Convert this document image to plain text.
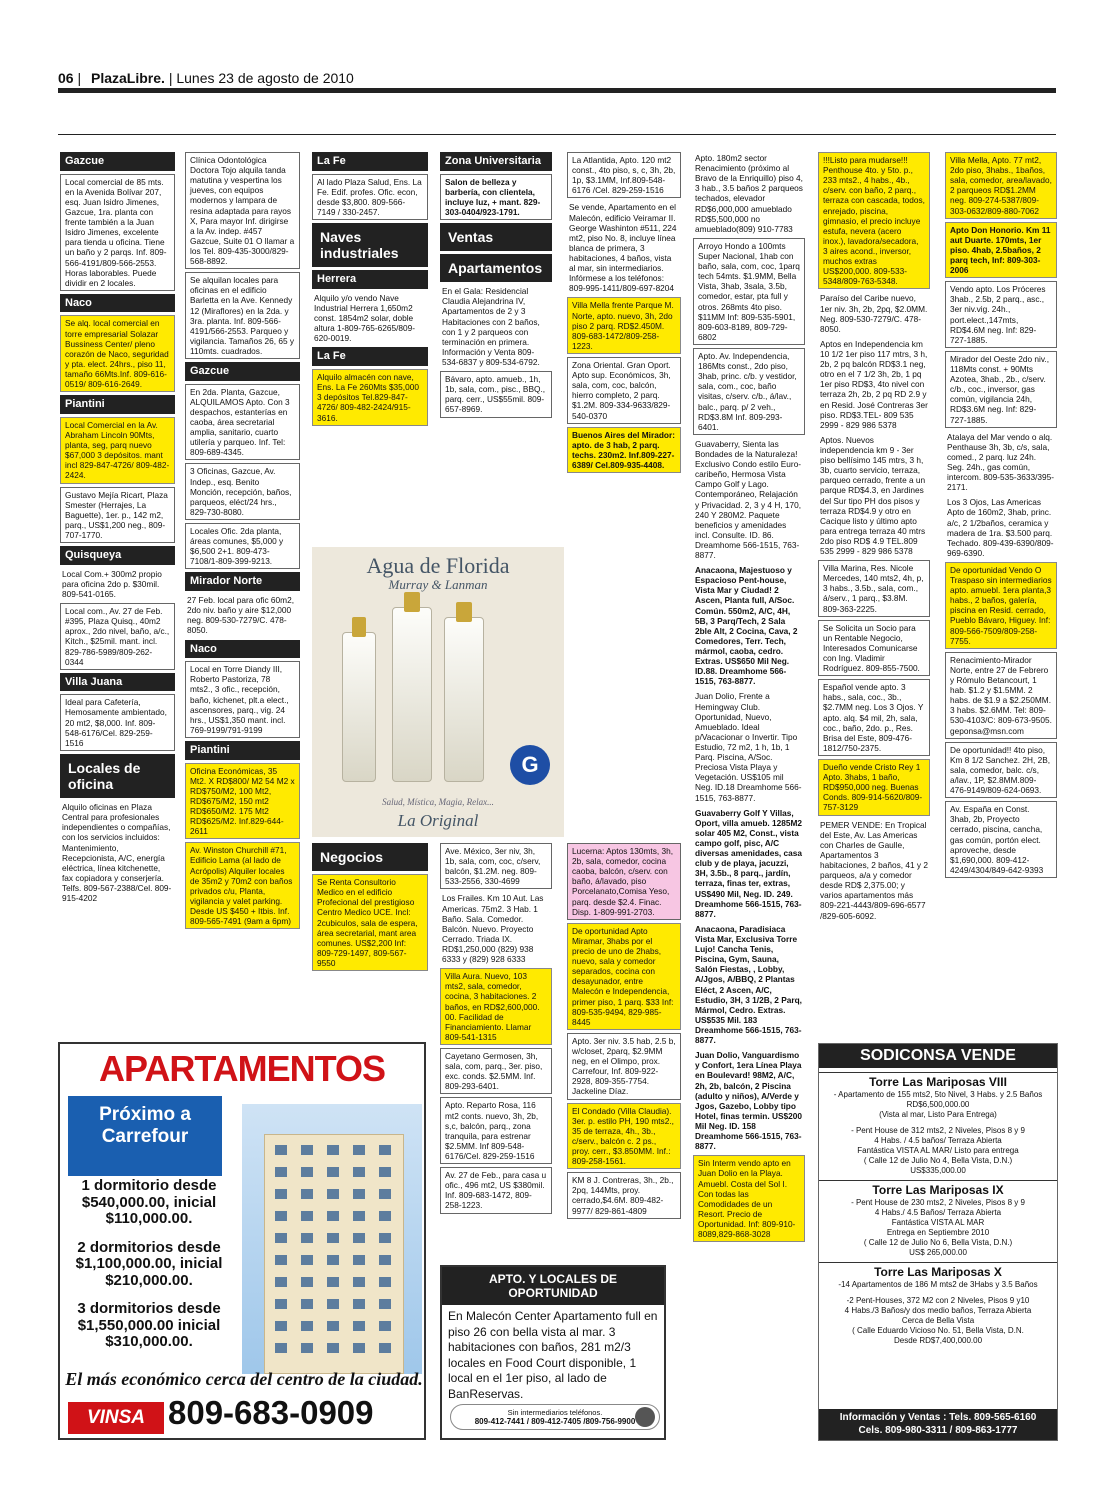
06 | PlazaLibre. | Lunes 23 de agosto de 2010
Gazcue
Local comercial de 85 mts. en la Avenida Bolívar 207, esq. Juan Isidro Jimenes, Gazcue, 1ra. planta con frente también a la Juan Isidro Jimenes, excelente para tienda u oficina. Tiene un baño y 2 parqs. Inf. 809-566-4191/809-566-2553. Horas laborables. Puede dividir en 2 locales.
Naco
Se alq. local comercial en torre empresarial Solazar Bussiness Center/ pleno corazón de Naco, seguridad y pta. elect. 24hrs., piso 11, tamaño 66Mts.Inf. 809-616-0519/ 809-616-2649.
Piantini
Local Comercial en la Av. Abraham Lincoln 90Mts, planta, seg, parq nuevo $67,000 3 depósitos. mant incl 829-847-4726/ 809-482-2424.
Gustavo Mejía Ricart, Plaza Smester (Herrajes, La Baguette), 1er. p., 142 m2, parq., US$1,200 neg., 809-707-1770.
Quisqueya
Local Com.+ 300m2 propio para oficina 2do p. $30mil. 809-541-0165.
Local com., Av. 27 de Feb. #395, Plaza Quisq., 40m2 aprox., 2do nivel, baño, a/c., Kitch., $25mil. mant. incl. 829-786-5989/809-262-0344
Villa Juana
Ideal para Cafetería, Hemosamente ambientado, 20 mt2, $8,000. Inf. 809-548-6176/Cel. 829-259-1516
Locales de oficina
Alquilo oficinas en Plaza Central para profesionales independientes o compañías, con los servicios incluidos: Mantenimiento, Recepcionista, A/C, energía eléctrica, línea kitchenette, fax copiadora y conserjería. Telfs. 809-567-2388/Cel. 809-915-4202
Clínica Odontológica Doctora Tojo alquila tanda matutina y vespertina los jueves, con equipos modernos y lampara de resina adaptada para rayos X, Para mayor Inf. dirigirse a la Av. indep. #457 Gazcue, Suite 01 O llamar a los Tel. 809-435-3000/829-568-8892.
Se alquilan locales para oficinas en el edificio Barletta en la Ave. Kennedy 12 (Miraflores) en la 2da. y 3ra. planta. Inf. 809-566-4191/566-2553. Parqueo y vigilancia. Tamaños 26, 65 y 110mts. cuadrados.
Gazcue
En 2da. Planta, Gazcue, ALQUILAMOS Apto. Con 3 despachos, estanterías en caoba, área secretarial amplia, sanitario, cuarto utilería y parqueo. Inf. Tel: 809-689-4345.
3 Oficinas, Gazcue, Av. Indep., esq. Benito Monción, recepción, baños, parqueos, eléct/24 hrs., 829-730-8080.
Locales Ofic. 2da planta, áreas comunes, $5,000 y $6,500 2+1. 809-473-7108/1-809-399-9213.
Mirador Norte
27 Feb. local para ofic 60m2, 2do niv. baño y aire $12,000 neg. 809-530-7279/C. 478-8050.
Naco
Local en Torre Diandy III, Roberto Pastoriza, 78 mts2., 3 ofic., recepción, baño, kichenet, plt.a elect., ascensores, parq., vig. 24 hrs., US$1,350 mant. incl. 769-9199/791-9199
Piantini
Oficina Económicas, 35 Mt2. X RD$800/ M2 54 M2 x RD$750/M2, 100 Mt2, RD$675/M2, 150 mt2 RD$650/M2. 175 Mt2 RD$625/M2. Inf.829-644-2611
Av. Winston Churchill #71, Edificio Lama (al lado de Acrópolis) Alquiler locales de 35m2 y 70m2 con baños privados c/u, Planta, vigilancia y valet parking. Desde US $450 + Itbis. Inf. 809-565-7491 (9am a 6pm)
La Fe
Al lado Plaza Salud, Ens. La Fe. Edif. profes. Ofic. econ, desde $3,800. 809-566-7149 / 330-2457.
Naves industriales
Herrera
Alquilo y/o vendo Nave Industrial Herrera 1,650m2 const. 1854m2 solar, doble altura 1-809-765-6265/809-620-0019.
La Fe
Alquilo almacén con nave, Ens. La Fe 260Mts $35,000 3 depósitos Tel.829-847-4726/ 809-482-2424/915-3616.
Negocios
Se Renta Consultorio Medico en el edificio Profecional del prestigioso Centro Medico UCE. Incl: 2cubiculos, sala de espera, área secretarial, mant area comunes. US$2,200 Inf: 809-729-1497, 809-567-9550
Zona Universitaria
Salon de belleza y barbería, con clientela, incluye luz, + mant. 829-303-0404/923-1791.
Ventas
Apartamentos
En el Gala: Residencial Claudia Alejandrina IV, Apartamentos de 2 y 3 Habitaciones con 2 baños, con 1 y 2 parqueos con terminación en primera. Información y Venta 809-534-6837 y 809-534-6792.
Bávaro, apto. amueb., 1h, 1b, sala, com., pisc., BBQ., parq. cerr., US$55mil. 809-657-8969.
Ave. México, 3er niv, 3h, 1b, sala, com, coc, c/serv, balcón, $1.2M. neg. 809-533-2556, 330-4699
Los Frailes. Km 10 Aut. Las Americas. 75m2. 3 Hab. 1 Baño. Sala. Comedor. Balcón. Nuevo. Proyecto Cerrado. Triada IX. RD$1,250,000 (829) 938 6333 y (829) 928 6333
Villa Aura. Nuevo, 103 mts2, sala, comedor, cocina, 3 habitaciones. 2 baños, en RD$2,600,000. 00. Facilidad de Financiamiento. Llamar 809-541-1315
Cayetano Germosen, 3h, sala, com, parq., 3er. piso, exc. conds. $2.5MM. Inf. 809-293-6401.
Apto. Reparto Rosa, 116 mt2 conts. nuevo, 3h, 2b, s,c, balcón, parq., zona tranquila, para estrenar $2.5MM. Inf 809-548-6176/Cel. 829-259-1516
Av. 27 de Feb., para casa u ofic., 496 mt2, US $380mil. Inf. 809-683-1472, 809-258-1223.
La Atlantida, Apto. 120 mt2 const., 4to piso, s, c, 3h, 2b, 1p, $3.1MM, Inf.809-548-6176 /Cel. 829-259-1516
Se vende, Apartamento en el Malecón, edificio Veiramar II. George Washinton #511, 224 mt2, piso No. 8, incluye línea blanca de primera, 3 habitaciones, 4 baños, vista al mar, sin intermediarios. Infórmese a los teléfonos: 809-995-1411/809-697-8204
Villa Mella frente Parque M. Norte, apto. nuevo, 3h, 2do piso 2 parq. RD$2.450M. 809-683-1472/809-258-1223.
Zona Oriental. Gran Oport. Apto sup. Económicos, 3h, sala, com, coc, balcón, hierro completo, 2 parq. $1.2M. 809-334-9633/829-540-0370
Buenos Aires del Mirador: apto. de 3 hab, 2 parq. techs. 230m2. Inf.809-227-6389/ Cel.809-935-4408.
Lucerna: Aptos 130mts, 3h, 2b, sala, comedor, cocina caoba, balcón, c/serv. con baño, á/lavado, piso Porcelanato,Comisa Yeso, parq. desde $2.4. Finac. Disp. 1-809-991-2703.
De oportunidad Apto Miramar, 3habs por el precio de uno de 2habs, nuevo, sala y comedor separados, cocina con desayunador, entre Malecón e Independencia, primer piso, 1 parq. $33 Inf: 809-535-9494, 829-985-8445
Apto. 3er niv. 3.5 hab, 2.5 b, w/closet, 2parq, $2.9MM neg, en el Olimpo, prox. Carrefour, Inf. 809-922-2928, 809-355-7754. Jackeline Díaz.
El Condado (Villa Claudia). 3er. p. estilo PH, 190 mts2., 35 de terraza, 4h., 3b., c/serv., balcón c. 2 ps., proy. cerr., $3.850MM. Inf.: 809-258-1561.
KM 8 J. Contreras, 3h., 2b., 2pq, 144Mts, proy. cerrado,$4.6M. 809-482-9977/ 829-861-4809
Apto. 180m2 sector Renacimiento (próximo al Bravo de la Enriquillo) piso 4, 3 hab., 3.5 baños 2 parqueos techados, elevador RD$6,000,000 amueblado RD$5,500,000 no amueblado(809) 910-7783
Arroyo Hondo a 100mts Super Nacional, 1hab con baño, sala, com, coc, 1parq tech 54mts. $1.9MM, Bella Vista, 3hab, 3sala, 3.5b, comedor, estar, pta full y otros. 268mts 4to piso. $11MM Inf: 809-535-5901, 809-603-8189, 809-729-6802
Apto. Av. Independencia, 186Mts const., 2do piso, 3hab, princ. c/b. y vestidor, sala, com., coc, baño visitas, c/serv. c/b., á/lav., balc., parq. p/ 2 veh., RD$3.8M Inf. 809-293-6401.
Guavaberry, Sienta las Bondades de la Naturaleza! Exclusivo Condo estilo Euro-caribeño, Hermosa Vista Campo Golf y Lago. Contemporáneo, Relajación y Privacidad. 2, 3 y 4 H, 170, 240 Y 280M2. Paquete beneficios y amenidades incl. Consulte. ID. 86. Dreamhome 566-1515, 763-8877.
Anacaona, Majestuoso y Espacioso Pent-house, Vista Mar y Ciudad! 2 Ascen, Planta full, A/Soc. Común. 550m2, A/C, 4H, 5B, 3 Parq/Tech, 2 Sala 2ble Alt, 2 Cocina, Cava, 2 Comedores, Terr. Tech, mármol, caoba, cedro. Extras. US$650 Mil Neg. ID.88. Dreamhome 566-1515, 763-8877.
Juan Dolio, Frente a Hemingway Club. Oportunidad, Nuevo, Amueblado. Ideal p/Vacacionar o Invertir. Tipo Estudio, 72 m2, 1 h, 1b, 1 Parq. Piscina, A/Soc. Preciosa Vista Playa y Vegetación. US$105 mil Neg. ID.18 Dreamhome 566-1515, 763-8877.
Guavaberry Golf Y Villas, Oport, villa amueb. 1285M2 solar 405 M2, Const., vista campo golf, pisc, A/C diversas amenidades, casa club y de playa, jacuzzi, 3H, 3.5b., 8 parq., jardín, terraza, finas ter, extras, US$490 Mil, Neg. ID. 249. Dreamhome 566-1515, 763-8877.
Anacaona, Paradisiaca Vista Mar, Exclusiva Torre Lujo! Cancha Tenis, Piscina, Gym, Sauna, Salón Fiestas, , Lobby, A/Jgos, A/BBQ, 2 Plantas Eléct, 2 Ascen, A/C, Estudio, 3H, 3 1/2B, 2 Parq, Mármol, Cedro. Extras. US$535 Mil. 183 Dreamhome 566-1515, 763-8877.
Juan Dolio, Vanguardismo y Confort, 1era Línea Playa en Boulevard! 98M2, A/C, 2h, 2b, balcón, 2 Piscina (adulto y niños), A/Verde y Jgos, Gazebo, Lobby tipo Hotel, finas termin. US$200 Mil Neg. ID. 158 Dreamhome 566-1515, 763-8877.
Sin Interm vendo apto en Juan Dolio en la Playa. Amuebl. Costa del Sol I. Con todas las Comodidades de un Resort. Precio de Oportunidad. Inf: 809-910-8089,829-868-3028
!!!Listo para mudarse!!! Penthouse 4to. y 5to. p., 233 mts2., 4 habs., 4b., c/serv. con baño, 2 parq., terraza con cascada, todos, enrejado, piscina, gimnasio, el precio incluye estufa, nevera (acero inox.), lavadora/secadora, 3 aires acond., inversor, muchos extras US$200,000. 809-533-5348/809-763-5348.
Paraíso del Caribe nuevo, 1er niv. 3h, 2b, 2pq, $2.0MM. Neg. 809-530-7279/C. 478-8050.
Aptos en Independencia km 10 1/2 1er piso 117 mtrs, 3 h, 2b, 2 pq balcón RD$3.1 neg, otro en el 7 1/2 3h, 2b, 1 pq 1er piso RD$3, 4to nivel con terraza 2h, 2b, 2 pq RD 2.9 y en Resid. José Contreras 3er piso. RD$3.TEL- 809 535 2999 - 829 986 5378
Aptos. Nuevos independencia km 9 - 3er piso bellísimo 145 mtrs, 3 h, 3b, cuarto servicio, terraza, parqueo cerrado, frente a un parque RD$4.3, en Jardines del Sur tipo PH dos pisos y terraza RD$4.9 y otro en Cacique listo y último apto para entrega terraza 40 mtrs 2do piso RD$ 4.9 TEL.809 535 2999 - 829 986 5378
Villa Marina, Res. Nicole Mercedes, 140 mts2, 4h, p, 3 habs., 3.5b., sala, com., á/serv., 1 parq., $3.8M. 809-363-2225.
Se Solicita un Socio para un Rentable Negocio, Interesados Comunicarse con Ing. Vladimir Rodríguez. 809-855-7500.
Español vende apto. 3 habs., sala, coc., 3b., $2.7MM neg. Los 3 Ojos. Y apto. alq. $4 mil, 2h, sala, coc., baño, 2do. p., Res. Brisa del Este, 809-476-1812/750-2375.
Dueño vende Cristo Rey 1 Apto. 3habs, 1 baño, RD$950,000 neg. Buenas Conds. 809-914-5620/809-757-3129
PEMER VENDE: En Tropical del Este, Av. Las Americas con Charles de Gaulle, Apartamentos 3 habitaciones, 2 baños, 41 y 2 parqueos, a/a y comedor desde RD$ 2,375.00; y varios apartamentos más 809-221-4443/809-696-6577 /829-605-6092.
Villa Mella, Apto. 77 mt2, 2do piso, 3habs., 1baños, sala, comedor, area/lavado, 2 parqueos RD$1.2MM neg. 809-274-5387/809-303-0632/809-880-7062
Apto Don Honorio. Km 11 aut Duarte. 170mts, 1er piso. 4hab, 2.5baños, 2 parq tech, Inf: 809-303-2006
Vendo apto. Los Próceres 3hab., 2.5b, 2 parq., asc., 3er niv.vig. 24h., port.elect.,147mts, RD$4.6M neg. Inf: 829-727-1885.
Mirador del Oeste 2do niv., 118Mts const. + 90Mts Azotea, 3hab., 2b., c/serv. c/b., coc., inversor, gas común, vigilancia 24h, RD$3.6M neg. Inf: 829-727-1885.
Atalaya del Mar vendo o alq. Penthause 3h, 3b, c/s, sala, comed., 2 parq. luz 24h. Seg. 24h., gas común, intercom. 809-535-3633/395-2171.
Los 3 Ojos, Las Americas Apto de 160m2, 3hab, princ. a/c, 2 1/2baños, ceramica y madera de 1ra. $3.500 parq. Techado. 809-439-6390/809-969-6390.
De oportunidad Vendo O Traspaso sin intermediarios apto. amuebl. 1era planta,3 habs., 2 baños, galería, piscina en Resid. cerrado, Pueblo Bávaro, Higuey. Inf: 809-566-7509/809-258-7755.
Renacimiento-Mirador Norte, entre 27 de Febrero y Rómulo Betancourt, 1 hab. $1.2 y $1.5MM. 2 habs. de $1.9 a $2.250MM. 3 habs. $2.6MM. Tel: 809-530-4103/C: 809-673-9505. geponsa@msn.com
De oportunidad!! 4to piso, Km 8 1/2 Sanchez. 2H, 2B, sala, comedor, balc. c/s, a/lav., 1P, $2.8MM.809-476-9149/809-624-0693.
Av. España en Const. 3hab, 2b, Proyecto cerrado, piscina, cancha, gas común, portón elect. aproveche, desde $1,690,000. 809-412-4249/4304/849-642-9393
Agua de Florida
Murray & Lanman
G
Salud, Mística, Magia, Relax...
La Original
APARTAMENTOS
Próximo a Carrefour
1 dormitorio desde $540,000.00, inicial $110,000.00.
2 dormitorios desde $1,100,000.00, inicial $210,000.00.
3 dormitorios desde $1,550,000.00 inicial $310,000.00.
El más económico cerca del centro de la ciudad.
VINSA 809-683-0909
APTO. Y LOCALES DE OPORTUNIDAD
En Malecón Center Apartamento full en piso 26 con bella vista al mar. 3 habitaciones con baños, 281 m2/3 locales en Food Court disponible, 1 local en el 1er piso, al lado de BanReservas.
Sin intermediarios teléfonos.
809-412-7441 / 809-412-7405 /809-756-9900
SODICONSA VENDE
Torre Las Mariposas VIII
- Apartamento de 155 mts2, 5to Nivel, 3 Habs. y 2.5 Baños
RD$6,500,000.00
(Vista al mar, Listo Para Entrega)
- Pent House de 312 mts2, 2 Niveles, Pisos 8 y 9
4 Habs. / 4.5 baños/ Terraza Abierta
Fantástica VISTA AL MAR/ Listo para entrega
( Calle 12 de Julio No 4, Bella Vista, D.N.)
US$335,000.00
Torre Las Mariposas IX
- Pent House de 230 mts2, 2 Niveles, Pisos 8 y 9
4 Habs./ 4.5 Baños/ Terraza Abierta
Fantástica VISTA AL MAR
Entrega en Septiembre 2010
( Calle 12 de Julio No 6, Bella Vista, D.N.)
US$ 265,000.00
Torre Las Mariposas X
-14 Apartamentos de 186 M mts2 de 3Habs y 3.5 Baños
-2 Pent-Houses, 372 M2 con 2 Niveles, Pisos 9 y10
4 Habs./3 Baños/y dos medio baños, Terraza Abierta
Cerca de Bella Vista
( Calle Eduardo Vicioso No. 51, Bella Vista, D.N.
Desde RD$7,400,000.00
Información y Ventas : Tels. 809-565-6160
Cels. 809-980-3311 / 809-863-1777
